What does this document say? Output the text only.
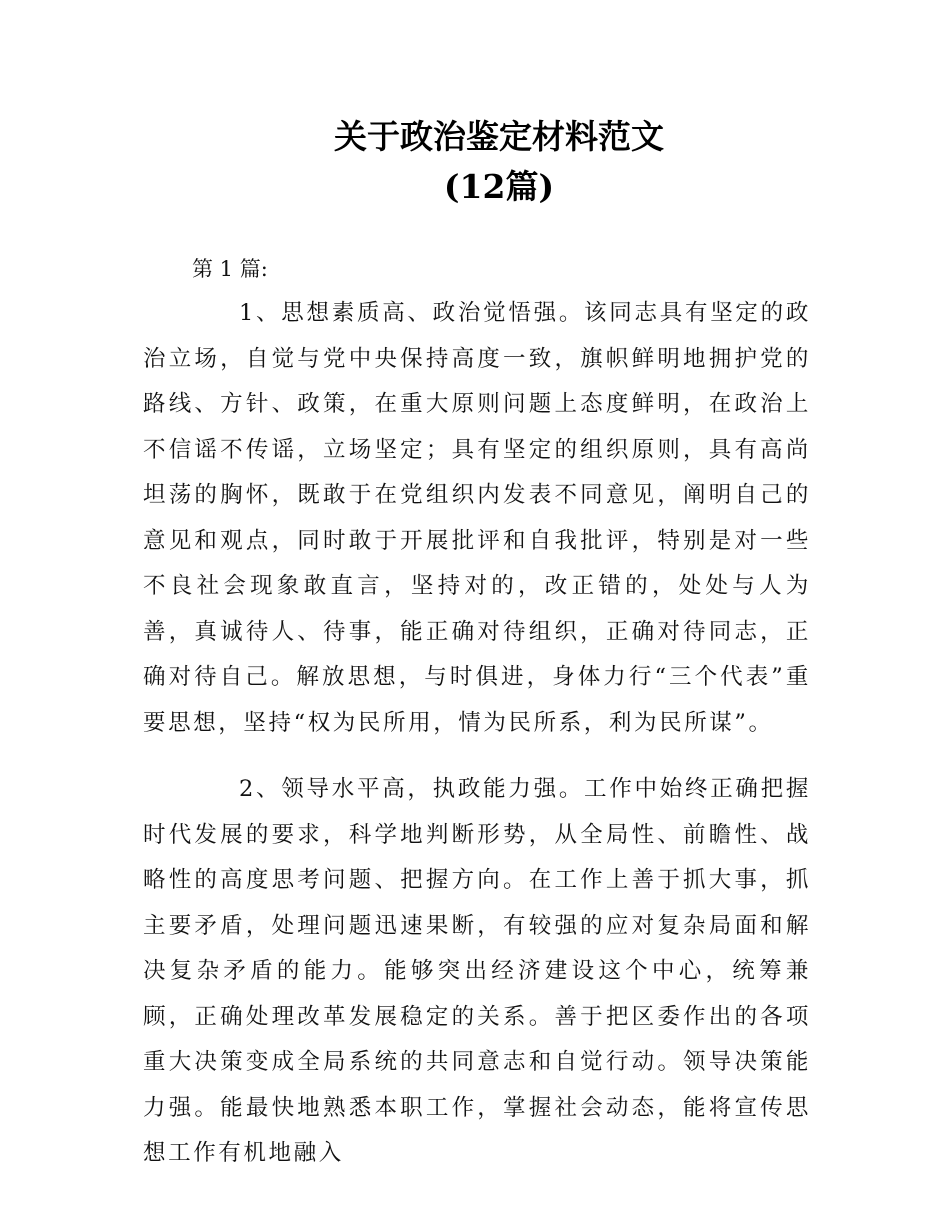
关于政治鉴定材料范文
(12篇)
第 1 篇:

1、思想素质高、政治觉悟强。该同志具有坚定的政治立场，自觉与党中央保持高度一致，旗帜鲜明地拥护党的路线、方针、政策，在重大原则问题上态度鲜明，在政治上不信谣不传谣，立场坚定；具有坚定的组织原则，具有高尚坦荡的胸怀，既敢于在党组织内发表不同意见，阐明自己的意见和观点，同时敢于开展批评和自我批评，特别是对一些不良社会现象敢直言，坚持对的，改正错的，处处与人为善，真诚待人、待事，能正确对待组织，正确对待同志，正确对待自己。解放思想，与时俱进，身体力行“三个代表”重要思想，坚持“权为民所用，情为民所系，利为民所谋”。

2、领导水平高，执政能力强。工作中始终正确把握时代发展的要求，科学地判断形势，从全局性、前瞻性、战略性的高度思考问题、把握方向。在工作上善于抓大事，抓主要矛盾，处理问题迅速果断，有较强的应对复杂局面和解决复杂矛盾的能力。能够突出经济建设这个中心，统筹兼顾，正确处理改革发展稳定的关系。善于把区委作出的各项重大决策变成全局系统的共同意志和自觉行动。领导决策能力强。能最快地熟悉本职工作，掌握社会动态，能将宣传思想工作有机地融入
